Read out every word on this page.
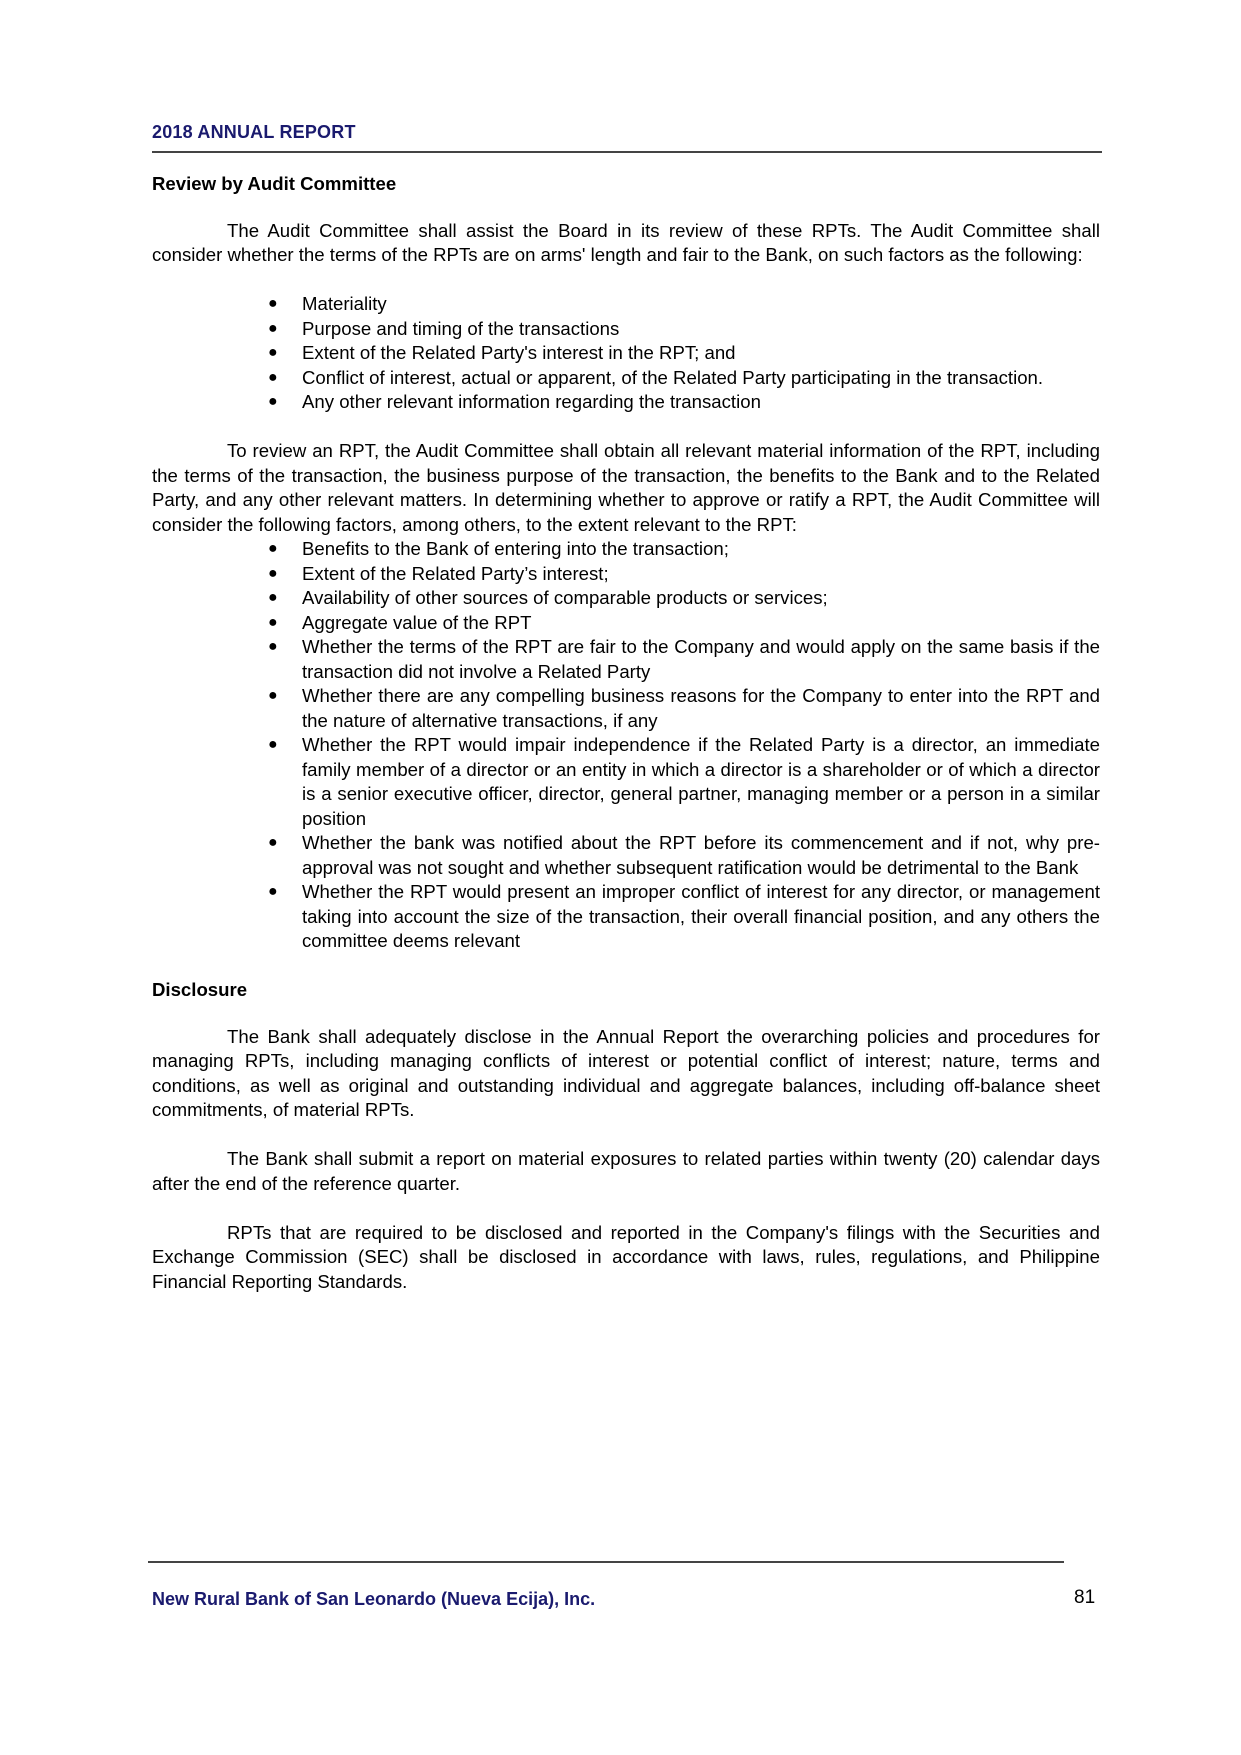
2018 ANNUAL REPORT
Review by Audit Committee

The Audit Committee shall assist the Board in its review of these RPTs. The Audit Committee shall consider whether the terms of the RPTs are on arms' length and fair to the Bank, on such factors as the following:

● Materiality
● Purpose and timing of the transactions
● Extent of the Related Party's interest in the RPT; and
● Conflict of interest, actual or apparent, of the Related Party participating in the transaction.
● Any other relevant information regarding the transaction

To review an RPT, the Audit Committee shall obtain all relevant material information of the RPT, including the terms of the transaction, the business purpose of the transaction, the benefits to the Bank and to the Related Party, and any other relevant matters. In determining whether to approve or ratify a RPT, the Audit Committee will consider the following factors, among others, to the extent relevant to the RPT:

● Benefits to the Bank of entering into the transaction;
● Extent of the Related Party’s interest;
● Availability of other sources of comparable products or services;
● Aggregate value of the RPT
● Whether the terms of the RPT are fair to the Company and would apply on the same basis if the transaction did not involve a Related Party
● Whether there are any compelling business reasons for the Company to enter into the RPT and the nature of alternative transactions, if any
● Whether the RPT would impair independence if the Related Party is a director, an immediate family member of a director or an entity in which a director is a shareholder or of which a director is a senior executive officer, director, general partner, managing member or a person in a similar position
● Whether the bank was notified about the RPT before its commencement and if not, why pre-approval was not sought and whether subsequent ratification would be detrimental to the Bank
● Whether the RPT would present an improper conflict of interest for any director, or management taking into account the size of the transaction, their overall financial position, and any others the committee deems relevant
Disclosure

The Bank shall adequately disclose in the Annual Report the overarching policies and procedures for managing RPTs, including managing conflicts of interest or potential conflict of interest; nature, terms and conditions, as well as original and outstanding individual and aggregate balances, including off-balance sheet commitments, of material RPTs.

The Bank shall submit a report on material exposures to related parties within twenty (20) calendar days after the end of the reference quarter.

RPTs that are required to be disclosed and reported in the Company's filings with the Securities and Exchange Commission (SEC) shall be disclosed in accordance with laws, rules, regulations, and Philippine Financial Reporting Standards.

New Rural Bank of San Leonardo (Nueva Ecija), Inc.	81
